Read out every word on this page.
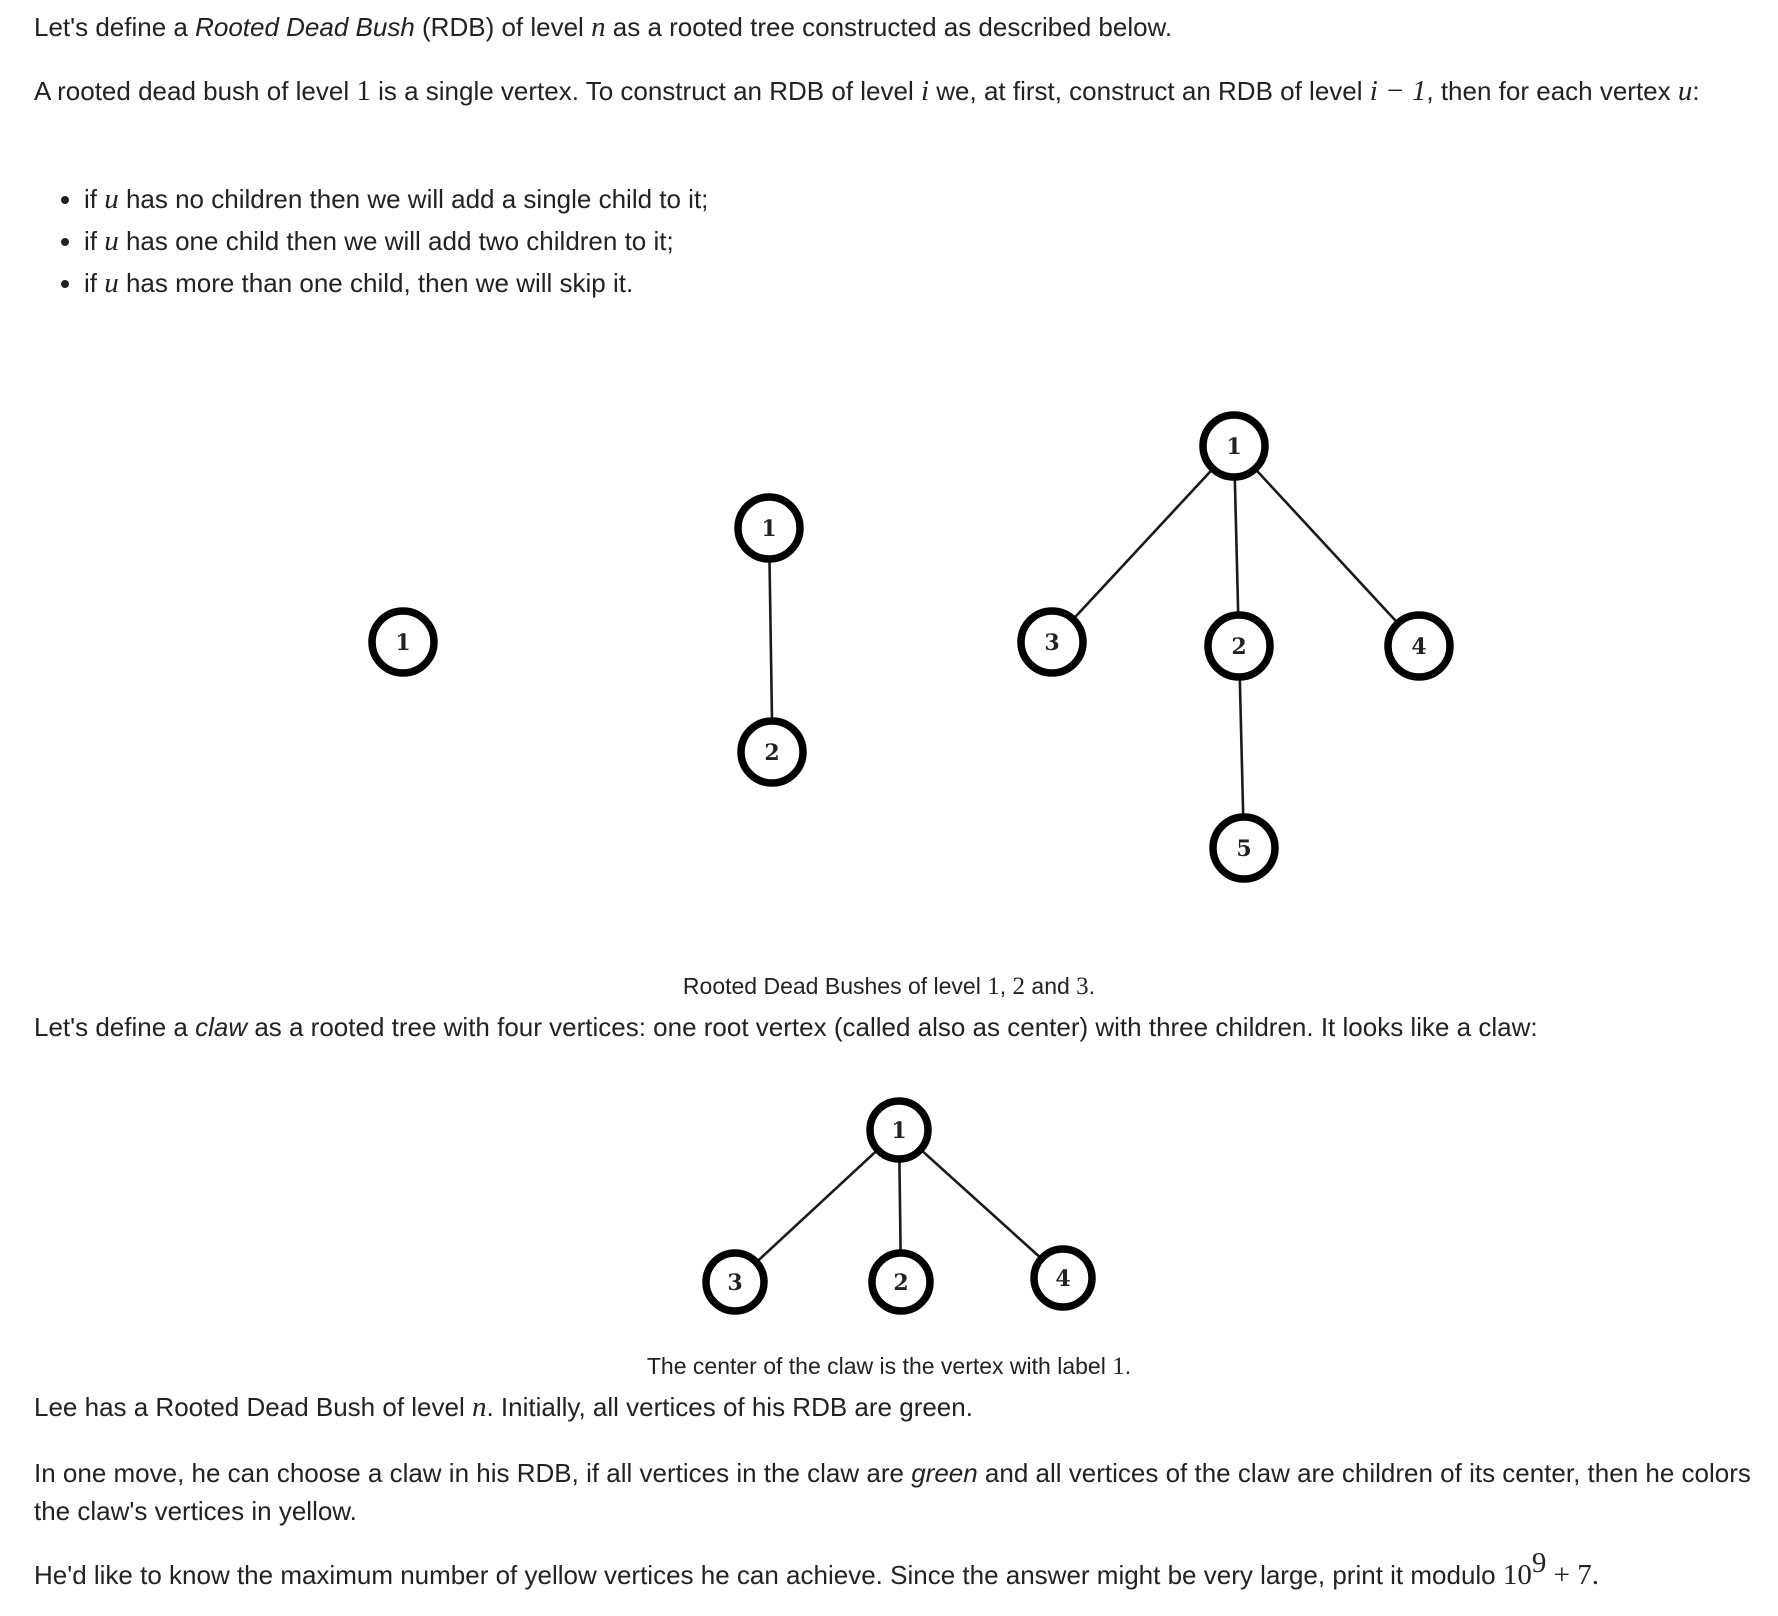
Let's define a Rooted Dead Bush (RDB) of level n as a rooted tree constructed as described below.

A rooted dead bush of level 1 is a single vertex. To construct an RDB of level i we, at first, construct an RDB of level i − 1, then for each vertex u:

• if u has no children then we will add a single child to it;
• if u has one child then we will add two children to it;
• if u has more than one child, then we will skip it.
1
1
2
1
3	2	4
5

Rooted Dead Bushes of level 1, 2 and 3.

Let's define a claw as a rooted tree with four vertices: one root vertex (called also as center) with three children. It looks like a claw:

1
3	2	4

The center of the claw is the vertex with label 1.

Lee has a Rooted Dead Bush of level n. Initially, all vertices of his RDB are green.

In one move, he can choose a claw in his RDB, if all vertices in the claw are green and all vertices of the claw are children of its center, then he colors the claw's vertices in yellow.

He'd like to know the maximum number of yellow vertices he can achieve. Since the answer might be very large, print it modulo $10^9 + 7$.
